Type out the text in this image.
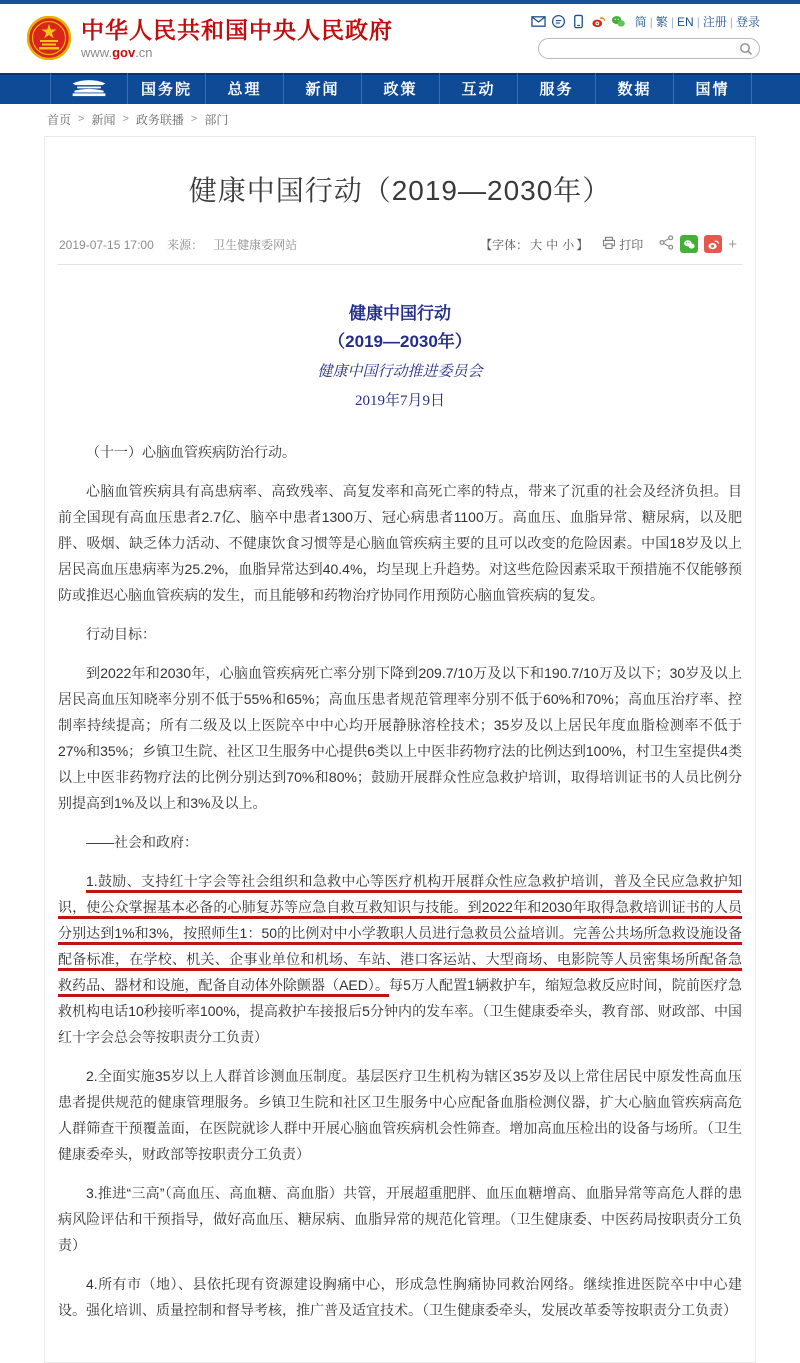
中华人民共和国中央人民政府
www.gov.cn
简 | 繁 | EN | 注册 | 登录
国务院	总理	新闻	政策	互动	服务	数据	国情
首页 > 新闻 > 政务联播 > 部门
健康中国行动（2019—2030年）
2019-07-15 17:00 来源： 卫生健康委网站	【字体： 大 中 小 】	打印	+
健康中国行动
（2019—2030年）
健康中国行动推进委员会
2019年7月9日

（十一）心脑血管疾病防治行动。

心脑血管疾病具有高患病率、高致残率、高复发率和高死亡率的特点，带来了沉重的社会及经济负担。目前全国现有高血压患者2.7亿、脑卒中患者1300万、冠心病患者1100万。高血压、血脂异常、糖尿病，以及肥胖、吸烟、缺乏体力活动、不健康饮食习惯等是心脑血管疾病主要的且可以改变的危险因素。中国18岁及以上居民高血压患病率为25.2%，血脂异常达到40.4%，均呈现上升趋势。对这些危险因素采取干预措施不仅能够预防或推迟心脑血管疾病的发生，而且能够和药物治疗协同作用预防心脑血管疾病的复发。

行动目标：

到2022年和2030年，心脑血管疾病死亡率分别下降到209.7/10万及以下和190.7/10万及以下；30岁及以上居民高血压知晓率分别不低于55%和65%；高血压患者规范管理率分别不低于60%和70%；高血压治疗率、控制率持续提高；所有二级及以上医院卒中中心均开展静脉溶栓技术；35岁及以上居民年度血脂检测率不低于 27%和35%；乡镇卫生院、社区卫生服务中心提供6类以上中医非药物疗法的比例达到100%，村卫生室提供4类以上中医非药物疗法的比例分别达到70%和80%；鼓励开展群众性应急救护培训，取得培训证书的人员比例分别提高到1%及以上和3%及以上。

——社会和政府：

1.鼓励、支持红十字会等社会组织和急救中心等医疗机构开展群众性应急救护培训，普及全民应急救护知识，使公众掌握基本必备的心肺复苏等应急自救互救知识与技能。到2022年和2030年取得急救培训证书的人员分别达到1%和3%，按照师生1：50的比例对中小学教职人员进行急救员公益培训。完善公共场所急救设施设备配备标准，在学校、机关、企事业单位和机场、车站、港口客运站、大型商场、电影院等人员密集场所配备急救药品、器材和设施，配备自动体外除颤器（AED）。每5万人配置1辆救护车，缩短急救反应时间，院前医疗急救机构电话10秒接听率100%，提高救护车接报后5分钟内的发车率。（卫生健康委牵头，教育部、财政部、中国红十字会总会等按职责分工负责）

2.全面实施35岁以上人群首诊测血压制度。基层医疗卫生机构为辖区35岁及以上常住居民中原发性高血压患者提供规范的健康管理服务。乡镇卫生院和社区卫生服务中心应配备血脂检测仪器，扩大心脑血管疾病高危人群筛查干预覆盖面，在医院就诊人群中开展心脑血管疾病机会性筛查。增加高血压检出的设备与场所。（卫生健康委牵头，财政部等按职责分工负责）

3.推进“三高”（高血压、高血糖、高血脂）共管，开展超重肥胖、血压血糖增高、血脂异常等高危人群的患病风险评估和干预指导，做好高血压、糖尿病、血脂异常的规范化管理。（卫生健康委、中医药局按职责分工负责）

4.所有市（地）、县依托现有资源建设胸痛中心，形成急性胸痛协同救治网络。继续推进医院卒中中心建设。强化培训、质量控制和督导考核，推广普及适宜技术。（卫生健康委牵头，发展改革委等按职责分工负责）
